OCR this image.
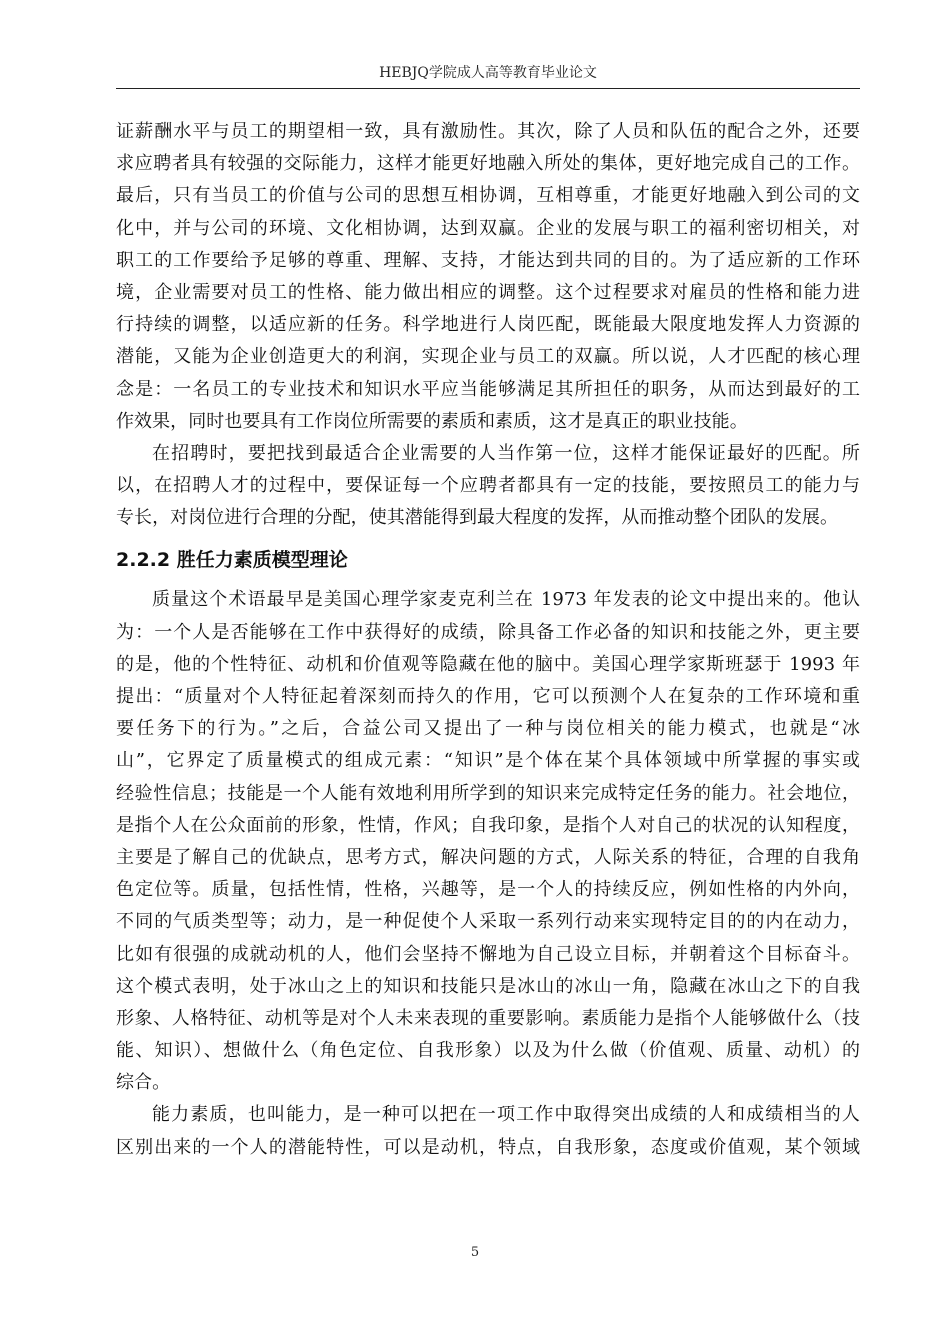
HEBJQ学院成人高等教育毕业论文
证薪酬水平与员工的期望相一致，具有激励性。其次，除了人员和队伍的配合之外，还要
求应聘者具有较强的交际能力，这样才能更好地融入所处的集体，更好地完成自己的工作。
最后，只有当员工的价值与公司的思想互相协调，互相尊重，才能更好地融入到公司的文
化中，并与公司的环境、文化相协调，达到双赢。企业的发展与职工的福利密切相关，对
职工的工作要给予足够的尊重、理解、支持，才能达到共同的目的。为了适应新的工作环
境，企业需要对员工的性格、能力做出相应的调整。这个过程要求对雇员的性格和能力进
行持续的调整，以适应新的任务。科学地进行人岗匹配，既能最大限度地发挥人力资源的
潜能，又能为企业创造更大的利润，实现企业与员工的双赢。所以说，人才匹配的核心理
念是：一名员工的专业技术和知识水平应当能够满足其所担任的职务，从而达到最好的工
作效果，同时也要具有工作岗位所需要的素质和素质，这才是真正的职业技能。
在招聘时，要把找到最适合企业需要的人当作第一位，这样才能保证最好的匹配。所
以，在招聘人才的过程中，要保证每一个应聘者都具有一定的技能，要按照员工的能力与
专长，对岗位进行合理的分配，使其潜能得到最大程度的发挥，从而推动整个团队的发展。
2.2.2 胜任力素质模型理论
质量这个术语最早是美国心理学家麦克利兰在 1973 年发表的论文中提出来的。他认
为：一个人是否能够在工作中获得好的成绩，除具备工作必备的知识和技能之外，更主要
的是，他的个性特征、动机和价值观等隐藏在他的脑中。美国心理学家斯班瑟于 1993 年
提出：“质量对个人特征起着深刻而持久的作用，它可以预测个人在复杂的工作环境和重
要任务下的行为。”之后，合益公司又提出了一种与岗位相关的能力模式，也就是“冰
山”，它界定了质量模式的组成元素：“知识”是个体在某个具体领域中所掌握的事实或
经验性信息；技能是一个人能有效地利用所学到的知识来完成特定任务的能力。社会地位，
是指个人在公众面前的形象，性情，作风；自我印象，是指个人对自己的状况的认知程度，
主要是了解自己的优缺点，思考方式，解决问题的方式，人际关系的特征，合理的自我角
色定位等。质量，包括性情，性格，兴趣等，是一个人的持续反应，例如性格的内外向，
不同的气质类型等；动力，是一种促使个人采取一系列行动来实现特定目的的内在动力，
比如有很强的成就动机的人，他们会坚持不懈地为自己设立目标，并朝着这个目标奋斗。
这个模式表明，处于冰山之上的知识和技能只是冰山的冰山一角，隐藏在冰山之下的自我
形象、人格特征、动机等是对个人未来表现的重要影响。素质能力是指个人能够做什么（技
能、知识）、想做什么（角色定位、自我形象）以及为什么做（价值观、质量、动机）的
综合。
能力素质，也叫能力，是一种可以把在一项工作中取得突出成绩的人和成绩相当的人
区别出来的一个人的潜能特性，可以是动机，特点，自我形象，态度或价值观，某个领域
5
